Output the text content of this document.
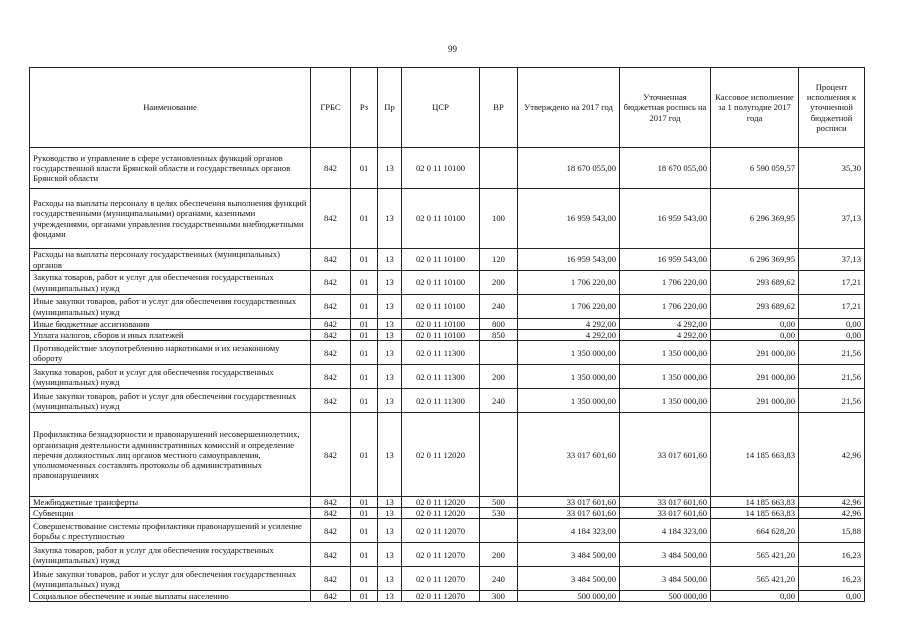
99
Наименование	ГРБС	Рз	Пр	ЦСР	ВР	Утверждено на 2017 год	Уточненная бюджетная роспись на 2017 год	Кассовое исполнение за 1 полугодие 2017 года	Процент исполнения к уточненной бюджетной росписи
Руководство и управление в сфере установленных функций органов государственной власти Брянской области и государственных органов Брянской области	842	01	13	02 0 11 10100		18 670 055,00	18 670 055,00	6 590 059,57	35,30
Расходы на выплаты персоналу в целях обеспечения выполнения функций государственными (муниципальными) органами, казенными учреждениями, органами управления государственными внебюджетными фондами	842	01	13	02 0 11 10100	100	16 959 543,00	16 959 543,00	6 296 369,95	37,13
Расходы на выплаты персоналу государственных (муниципальных) органов	842	01	13	02 0 11 10100	120	16 959 543,00	16 959 543,00	6 296 369,95	37,13
Закупка товаров, работ и услуг для обеспечения государственных (муниципальных) нужд	842	01	13	02 0 11 10100	200	1 706 220,00	1 706 220,00	293 689,62	17,21
Иные закупки товаров, работ и услуг для обеспечения государственных (муниципальных) нужд	842	01	13	02 0 11 10100	240	1 706 220,00	1 706 220,00	293 689,62	17,21
Иные бюджетные ассигнования	842	01	13	02 0 11 10100	800	4 292,00	4 292,00	0,00	0,00
Уплата налогов, сборов и иных платежей	842	01	13	02 0 11 10100	850	4 292,00	4 292,00	0,00	0,00
Противодействие злоупотреблению наркотиками и их незаконному обороту	842	01	13	02 0 11 11300		1 350 000,00	1 350 000,00	291 000,00	21,56
Закупка товаров, работ и услуг для обеспечения государственных (муниципальных) нужд	842	01	13	02 0 11 11300	200	1 350 000,00	1 350 000,00	291 000,00	21,56
Иные закупки товаров, работ и услуг для обеспечения государственных (муниципальных) нужд	842	01	13	02 0 11 11300	240	1 350 000,00	1 350 000,00	291 000,00	21,56
Профилактика безнадзорности и правонарушений несовершеннолетних, организация деятельности административных комиссий и определение перечня должностных лиц органов местного самоуправления, уполномоченных составлять протоколы об административных правонарушениях	842	01	13	02 0 11 12020		33 017 601,60	33 017 601,60	14 185 663,83	42,96
Межбюджетные трансферты	842	01	13	02 0 11 12020	500	33 017 601,60	33 017 601,60	14 185 663,83	42,96
Субвенции	842	01	13	02 0 11 12020	530	33 017 601,60	33 017 601,60	14 185 663,83	42,96
Совершенствование системы профилактики правонарушений и усиление борьбы с преступностью	842	01	13	02 0 11 12070		4 184 323,00	4 184 323,00	664 628,20	15,88
Закупка товаров, работ и услуг для обеспечения государственных (муниципальных) нужд	842	01	13	02 0 11 12070	200	3 484 500,00	3 484 500,00	565 421,20	16,23
Иные закупки товаров, работ и услуг для обеспечения государственных (муниципальных) нужд	842	01	13	02 0 11 12070	240	3 484 500,00	3 484 500,00	565 421,20	16,23
Социальное обеспечение и иные выплаты населению	842	01	13	02 0 11 12070	300	500 000,00	500 000,00	0,00	0,00
